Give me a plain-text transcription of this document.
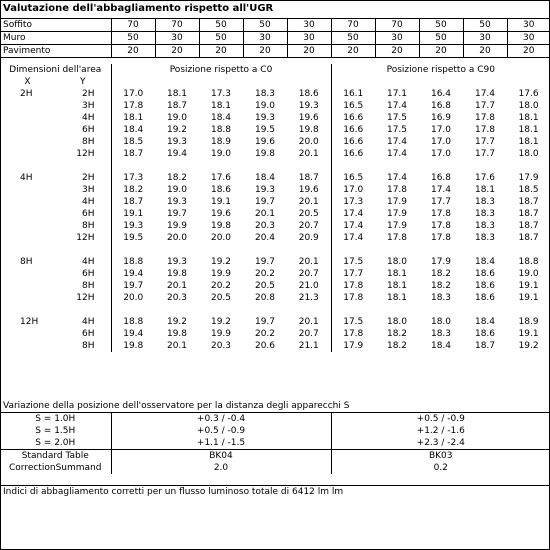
Valutazione dell'abbagliamento rispetto all'UGR
Soffito	70	70	50	50	30	70	70	50	50	30
Muro	50	30	50	30	30	50	30	50	30	30
Pavimento	20	20	20	20	20	20	20	20	20	20
Dimensioni dell'area		Posizione rispetto a C0					Posizione rispetto a C90				
X	Y										
2H	2H	17.0	18.1	17.3	18.3	18.6	16.1	17.1	16.4	17.4	17.6
	3H	17.8	18.7	18.1	19.0	19.3	16.5	17.4	16.8	17.7	18.0
	4H	18.1	19.0	18.4	19.3	19.6	16.6	17.5	16.9	17.8	18.1
	6H	18.4	19.2	18.8	19.5	19.8	16.6	17.5	17.0	17.8	18.1
	8H	18.5	19.3	18.9	19.6	20.0	16.6	17.4	17.0	17.7	18.1
	12H	18.7	19.4	19.0	19.8	20.1	16.6	17.4	17.0	17.7	18.0

4H	2H	17.3	18.2	17.6	18.4	18.7	16.5	17.4	16.8	17.6	17.9
	3H	18.2	19.0	18.6	19.3	19.6	17.0	17.8	17.4	18.1	18.5
	4H	18.7	19.3	19.1	19.7	20.1	17.3	17.9	17.7	18.3	18.7
	6H	19.1	19.7	19.6	20.1	20.5	17.4	17.9	17.8	18.3	18.7
	8H	19.3	19.9	19.8	20.3	20.7	17.4	17.9	17.8	18.3	18.7
	12H	19.5	20.0	20.0	20.4	20.9	17.4	17.8	17.8	18.3	18.7

8H	4H	18.8	19.3	19.2	19.7	20.1	17.5	18.0	17.9	18.4	18.8
	6H	19.4	19.8	19.9	20.2	20.7	17.7	18.1	18.2	18.6	19.0
	8H	19.7	20.1	20.2	20.5	21.0	17.8	18.1	18.2	18.6	19.1
	12H	20.0	20.3	20.5	20.8	21.3	17.8	18.1	18.3	18.6	19.1

12H	4H	18.8	19.2	19.2	19.7	20.1	17.5	18.0	18.0	18.4	18.9
	6H	19.4	19.8	19.9	20.2	20.7	17.8	18.2	18.3	18.6	19.1
	8H	19.8	20.1	20.3	20.6	21.1	17.9	18.2	18.4	18.7	19.2
Variazione della posizione dell'osservatore per la distanza degli apparecchi S		
S = 1.0H	+0.3 / -0.4	+0.5 / -0.9
S = 1.5H	+0.5 / -0.9	+1.2 / -1.6
S = 2.0H	+1.1 / -1.5	+2.3 / -2.4
Standard Table	BK04	BK03
CorrectionSummand	2.0	0.2
Indici di abbagliamento corretti per un flusso luminoso totale di 6412 lm lm
